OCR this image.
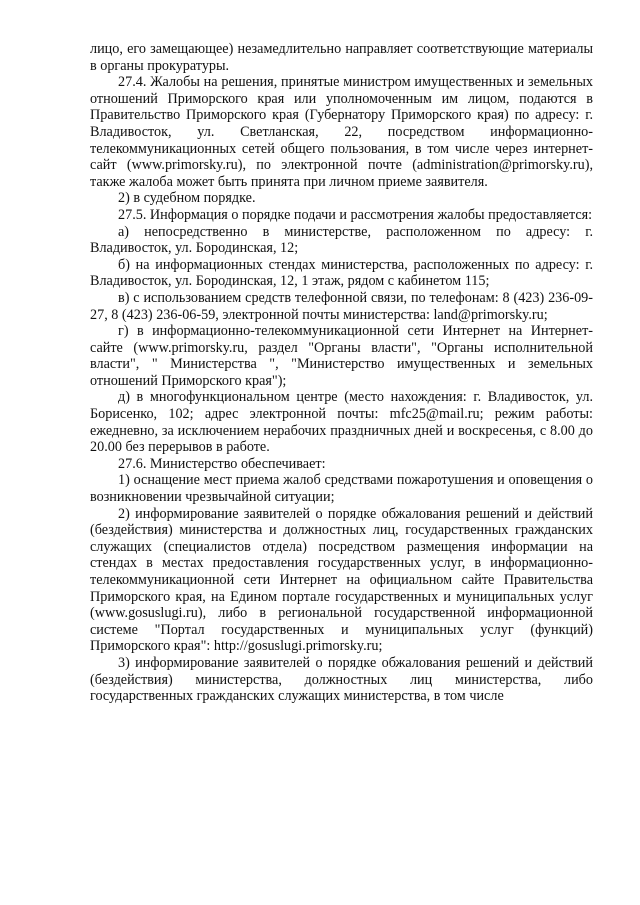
лицо, его замещающее) незамедлительно направляет соответствующие материалы в органы прокуратуры.

27.4. Жалобы на решения, принятые министром имущественных и земельных отношений Приморского края или уполномоченным им лицом, подаются в Правительство Приморского края (Губернатору Приморского края) по адресу: г. Владивосток, ул. Светланская, 22, посредством информационно-телекоммуникационных сетей общего пользования, в том числе через интернет-сайт (www.primorsky.ru), по электронной почте (administration@primorsky.ru), также жалоба может быть принята при личном приеме заявителя.

2) в судебном порядке.

27.5. Информация о порядке подачи и рассмотрения жалобы предоставляется:

а) непосредственно в министерстве, расположенном по адресу: г. Владивосток, ул. Бородинская, 12;

б) на информационных стендах министерства, расположенных по адресу: г. Владивосток, ул. Бородинская, 12, 1 этаж, рядом с кабинетом 115;

в) с использованием средств телефонной связи, по телефонам: 8 (423) 236-09-27, 8 (423) 236-06-59, электронной почты министерства: land@primorsky.ru;

г) в информационно-телекоммуникационной сети Интернет на Интернет-сайте (www.primorsky.ru, раздел "Органы власти", "Органы исполнительной власти", " Министерства ", "Министерство имущественных и земельных отношений Приморского края");

д) в многофункциональном центре (место нахождения: г. Владивосток, ул. Борисенко, 102; адрес электронной почты: mfc25@mail.ru; режим работы: ежедневно, за исключением нерабочих праздничных дней и воскресенья, с 8.00 до 20.00 без перерывов в работе.

27.6. Министерство обеспечивает:

1) оснащение мест приема жалоб средствами пожаротушения и оповещения о возникновении чрезвычайной ситуации;

2) информирование заявителей о порядке обжалования решений и действий (бездействия) министерства и должностных лиц, государственных гражданских служащих (специалистов отдела) посредством размещения информации на стендах в местах предоставления государственных услуг, в информационно-телекоммуникационной сети Интернет на официальном сайте Правительства Приморского края, на Едином портале государственных и муниципальных услуг (www.gosuslugi.ru), либо в региональной государственной информационной системе "Портал государственных и муниципальных услуг (функций) Приморского края": http://gosuslugi.primorsky.ru;

3) информирование заявителей о порядке обжалования решений и действий (бездействия) министерства, должностных лиц министерства, либо государственных гражданских служащих министерства, в том числе
